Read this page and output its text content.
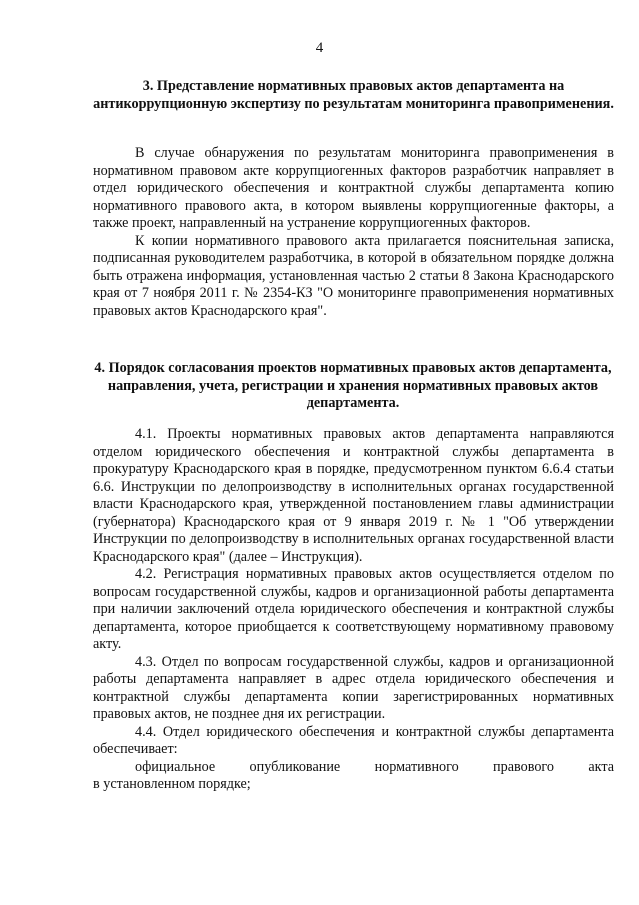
4

3. Представление нормативных правовых актов департамента на антикоррупционную экспертизу по результатам мониторинга правоприменения.

В случае обнаружения по результатам мониторинга правоприменения в нормативном правовом акте коррупциогенных факторов разработчик направляет в отдел юридического обеспечения и контрактной службы департамента копию нормативного правового акта, в котором выявлены коррупциогенные факторы, а также проект, направленный на устранение коррупциогенных факторов.

К копии нормативного правового акта прилагается пояснительная записка, подписанная руководителем разработчика, в которой в обязательном порядке должна быть отражена информация, установленная частью 2 статьи 8 Закона Краснодарского края от 7 ноября 2011 г. № 2354-КЗ "О мониторинге правоприменения нормативных правовых актов Краснодарского края".

4. Порядок согласования проектов нормативных правовых актов департамента, направления, учета, регистрации и хранения нормативных правовых актов департамента.

4.1. Проекты нормативных правовых актов департамента направляются отделом юридического обеспечения и контрактной службы департамента в прокуратуру Краснодарского края в порядке, предусмотренном пунктом 6.6.4 статьи 6.6. Инструкции по делопроизводству в исполнительных органах государственной власти Краснодарского края, утвержденной постановлением главы администрации (губернатора) Краснодарского края от 9 января 2019 г. № 1 "Об утверждении Инструкции по делопроизводству в исполнительных органах государственной власти Краснодарского края" (далее – Инструкция).

4.2. Регистрация нормативных правовых актов осуществляется отделом по вопросам государственной службы, кадров и организационной работы департамента при наличии заключений отдела юридического обеспечения и контрактной службы департамента, которое приобщается к соответствующему нормативному правовому акту.

4.3. Отдел по вопросам государственной службы, кадров и организационной работы департамента направляет в адрес отдела юридического обеспечения и контрактной службы департамента копии зарегистрированных нормативных правовых актов, не позднее дня их регистрации.

4.4. Отдел юридического обеспечения и контрактной службы департамента обеспечивает:

официальное опубликование нормативного правового акта

в установленном порядке;
